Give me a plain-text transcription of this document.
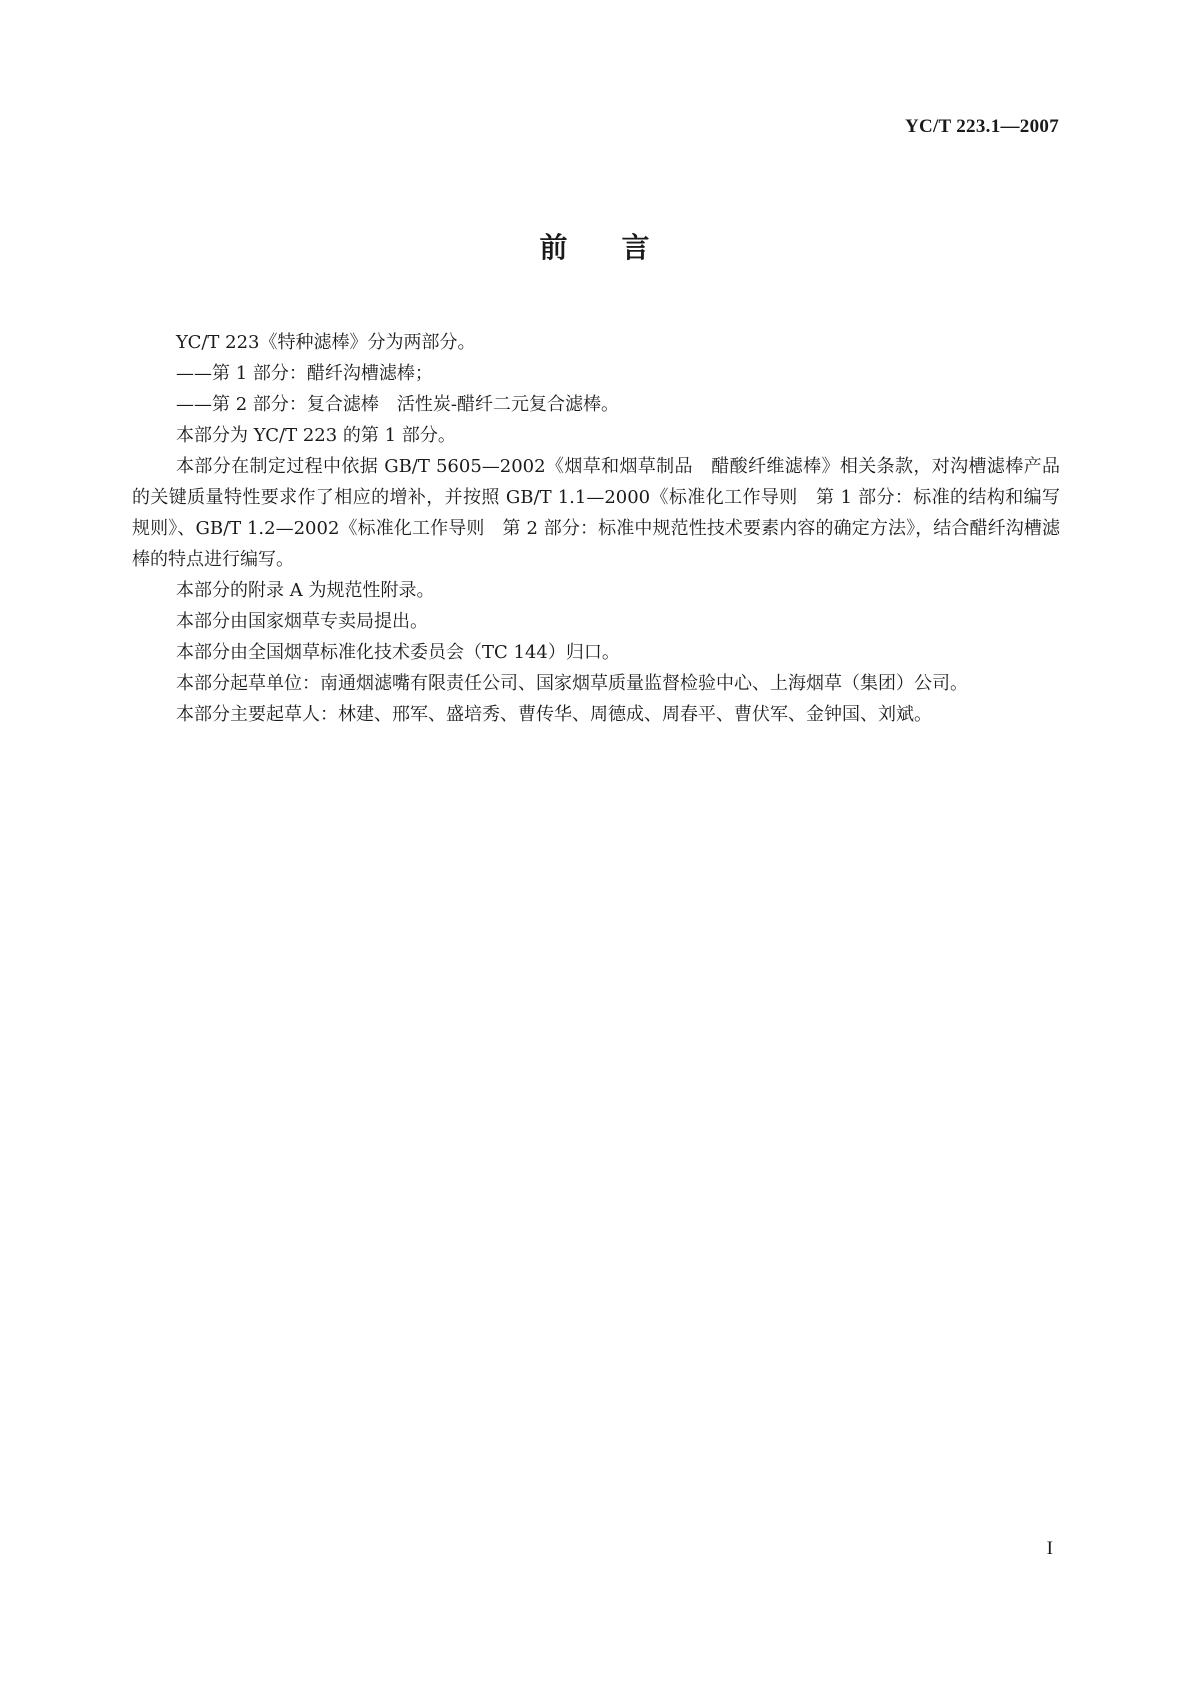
YC/T 223.1—2007
前 言

YC/T 223《特种滤棒》分为两部分。

——第 1 部分：醋纤沟槽滤棒；

——第 2 部分：复合滤棒　活性炭-醋纤二元复合滤棒。

本部分为 YC/T 223 的第 1 部分。

本部分在制定过程中依据 GB/T 5605—2002《烟草和烟草制品　醋酸纤维滤棒》相关条款，对沟槽滤棒产品的关键质量特性要求作了相应的增补，并按照 GB/T 1.1—2000《标准化工作导则　第 1 部分：标准的结构和编写规则》、GB/T 1.2—2002《标准化工作导则　第 2 部分：标准中规范性技术要素内容的确定方法》，结合醋纤沟槽滤棒的特点进行编写。

本部分的附录 A 为规范性附录。

本部分由国家烟草专卖局提出。

本部分由全国烟草标准化技术委员会（TC 144）归口。

本部分起草单位：南通烟滤嘴有限责任公司、国家烟草质量监督检验中心、上海烟草（集团）公司。

本部分主要起草人：林建、邢军、盛培秀、曹传华、周德成、周春平、曹伏军、金钟国、刘斌。

I
